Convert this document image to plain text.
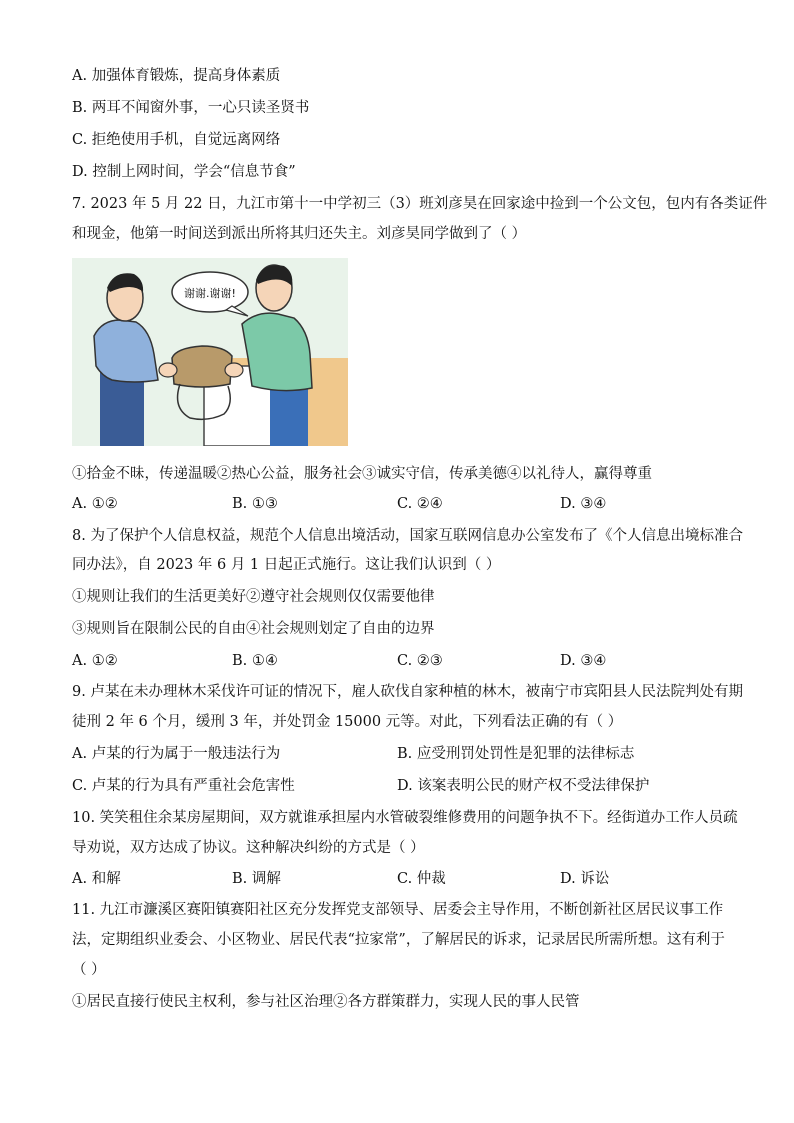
A. 加强体育锻炼，提高身体素质
B. 两耳不闻窗外事，一心只读圣贤书
C. 拒绝使用手机，自觉远离网络
D. 控制上网时间，学会“信息节食”
7. 2023 年 5 月 22 日，九江市第十一中学初三（3）班刘彦昊在回家途中捡到一个公文包，包内有各类证件
和现金，他第一时间送到派出所将其归还失主。刘彦昊同学做到了（ ）
谢谢.谢谢!
①拾金不昧，传递温暖②热心公益，服务社会③诚实守信，传承美德④以礼待人，赢得尊重
A. ①②	B. ①③	C. ②④	D. ③④
8. 为了保护个人信息权益，规范个人信息出境活动，国家互联网信息办公室发布了《个人信息出境标准合
同办法》，自 2023 年 6 月 1 日起正式施行。这让我们认识到（ ）
①规则让我们的生活更美好②遵守社会规则仅仅需要他律
③规则旨在限制公民的自由④社会规则划定了自由的边界
A. ①②	B. ①④	C. ②③	D. ③④
9. 卢某在未办理林木采伐许可证的情况下，雇人砍伐自家种植的林木，被南宁市宾阳县人民法院判处有期
徒刑 2 年 6 个月，缓刑 3 年，并处罚金 15000 元等。对此，下列看法正确的有（ ）
A. 卢某的行为属于一般违法行为	B. 应受刑罚处罚性是犯罪的法律标志
C. 卢某的行为具有严重社会危害性	D. 该案表明公民的财产权不受法律保护
10. 笑笑租住余某房屋期间，双方就谁承担屋内水管破裂维修费用的问题争执不下。经街道办工作人员疏
导劝说，双方达成了协议。这种解决纠纷的方式是（ ）
A. 和解	B. 调解	C. 仲裁	D. 诉讼
11. 九江市濂溪区赛阳镇赛阳社区充分发挥党支部领导、居委会主导作用，不断创新社区居民议事工作
法，定期组织业委会、小区物业、居民代表“拉家常”，了解居民的诉求，记录居民所需所想。这有利于
（ ）
①居民直接行使民主权利，参与社区治理②各方群策群力，实现人民的事人民管
